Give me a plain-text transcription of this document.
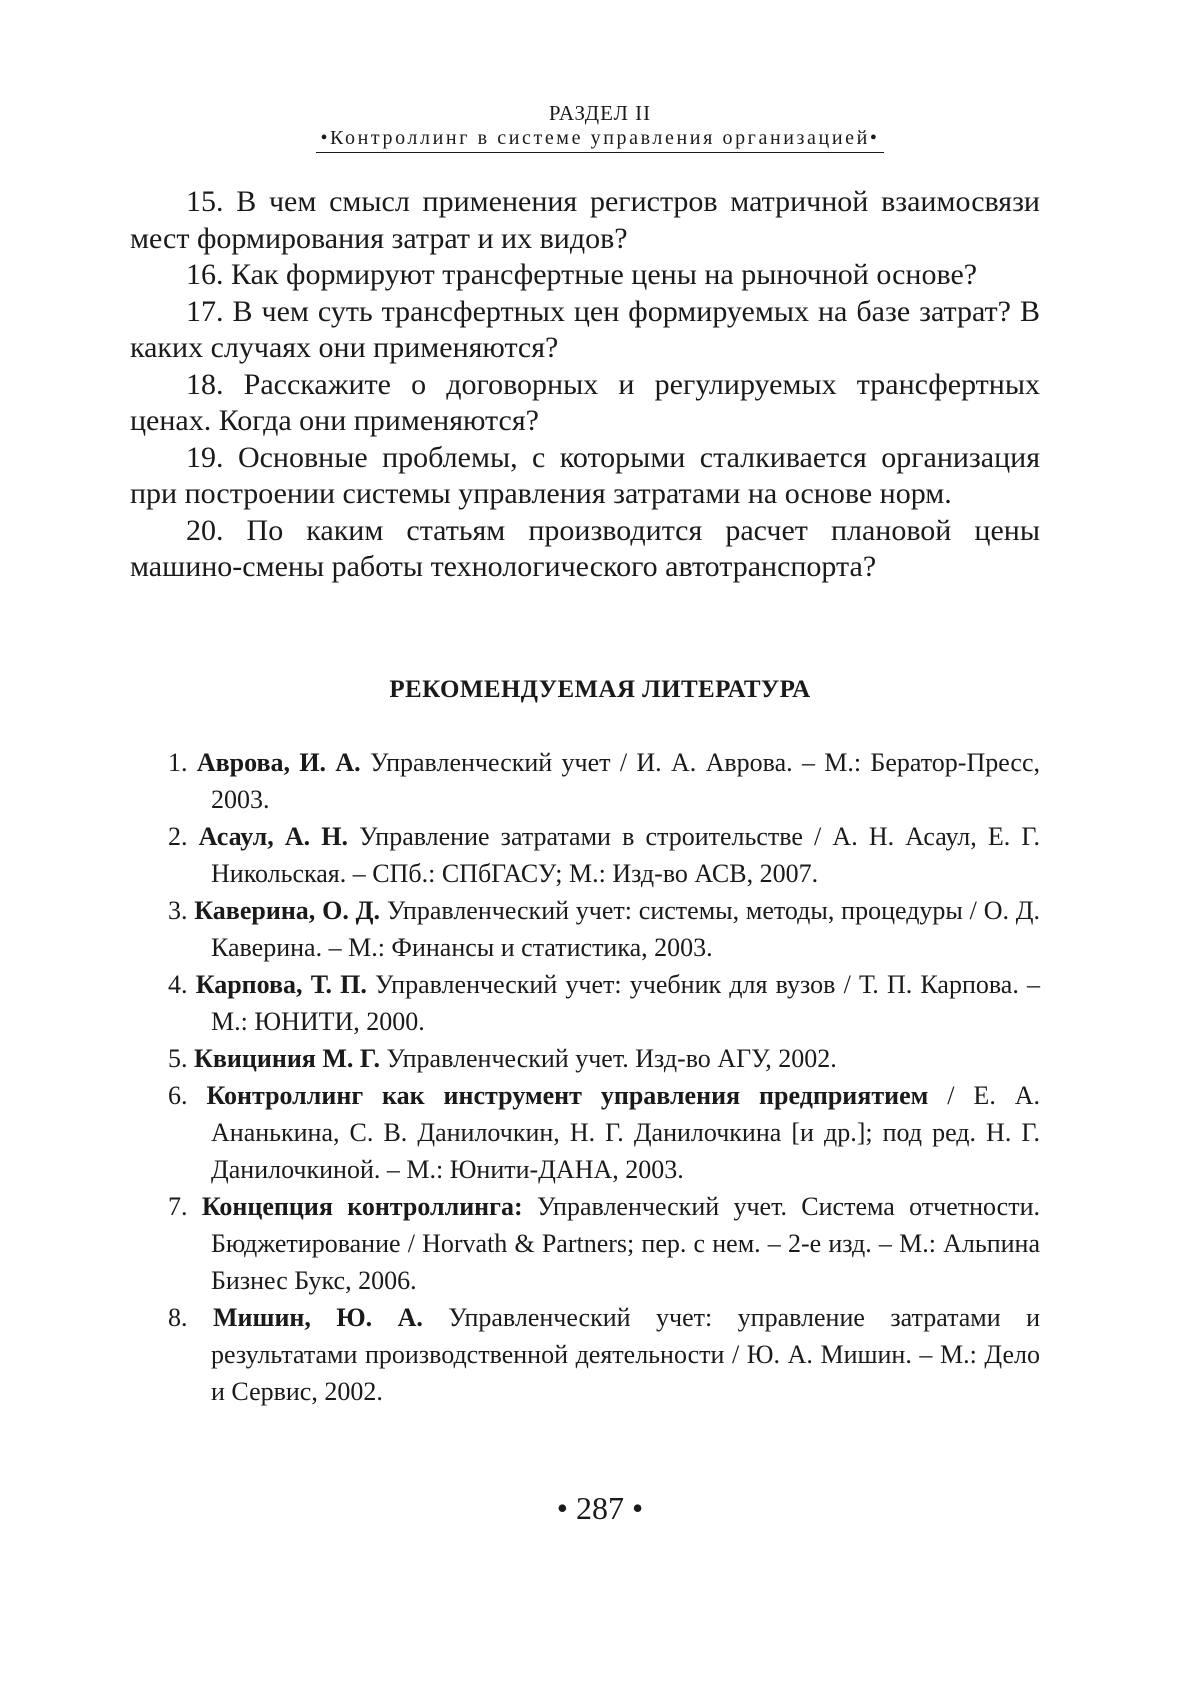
РАЗДЕЛ II
•Контроллинг в системе управления организацией•

15. В чем смысл применения регистров матричной взаимосвязи мест формирования затрат и их видов?

16. Как формируют трансфертные цены на рыночной основе?

17. В чем суть трансфертных цен формируемых на базе затрат? В каких случаях они применяются?

18. Расскажите о договорных и регулируемых трансфертных ценах. Когда они применяются?

19. Основные проблемы, с которыми сталкивается организация при построении системы управления затратами на основе норм.

20. По каким статьям производится расчет плановой цены машино-смены работы технологического автотранспорта?

РЕКОМЕНДУЕМАЯ ЛИТЕРАТУРА
1. Аврова, И. А. Управленческий учет / И. А. Аврова. – М.: Бератор-Пресс, 2003.
2. Асаул, А. Н. Управление затратами в строительстве / А. Н. Асаул, Е. Г. Никольская. – СПб.: СПбГАСУ; М.: Изд-во АСВ, 2007.
3. Каверина, О. Д. Управленческий учет: системы, методы, процедуры / О. Д. Каверина. – М.: Финансы и статистика, 2003.
4. Карпова, Т. П. Управленческий учет: учебник для вузов / Т. П. Карпова. – М.: ЮНИТИ, 2000.
5. Квициния М. Г. Управленческий учет. Изд-во АГУ, 2002.
6. Контроллинг как инструмент управления предприятием / Е. А. Ананькина, С. В. Данилочкин, Н. Г. Данилочкина [и др.]; под ред. Н. Г. Данилочкиной. – М.: Юнити-ДАНА, 2003.
7. Концепция контроллинга: Управленческий учет. Система отчетности. Бюджетирование / Horvath & Partners; пер. с нем. – 2-е изд. – М.: Альпина Бизнес Букс, 2006.
8. Мишин, Ю. А. Управленческий учет: управление затратами и результатами производственной деятельности / Ю. А. Мишин. – М.: Дело и Сервис, 2002.
• 287 •
